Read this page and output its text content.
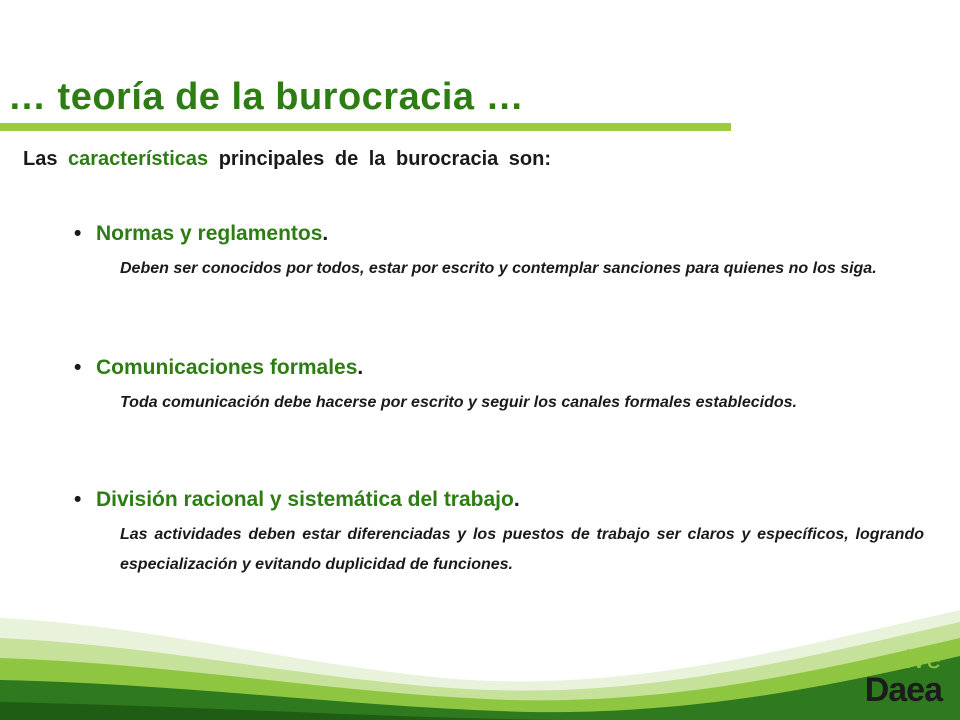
… teoría de la burocracia …

Las características principales de la burocracia son:

• Normas y reglamentos.

Deben ser conocidos por todos, estar por escrito y contemplar sanciones para quienes no los siga.

• Comunicaciones formales.

Toda comunicación debe hacerse por escrito y seguir los canales formales establecidos.

• División racional y sistemática del trabajo.

Las actividades deben estar diferenciadas y los puestos de trabajo ser claros y específicos, logrando especialización y evitando duplicidad de funciones.

vive
Daea
